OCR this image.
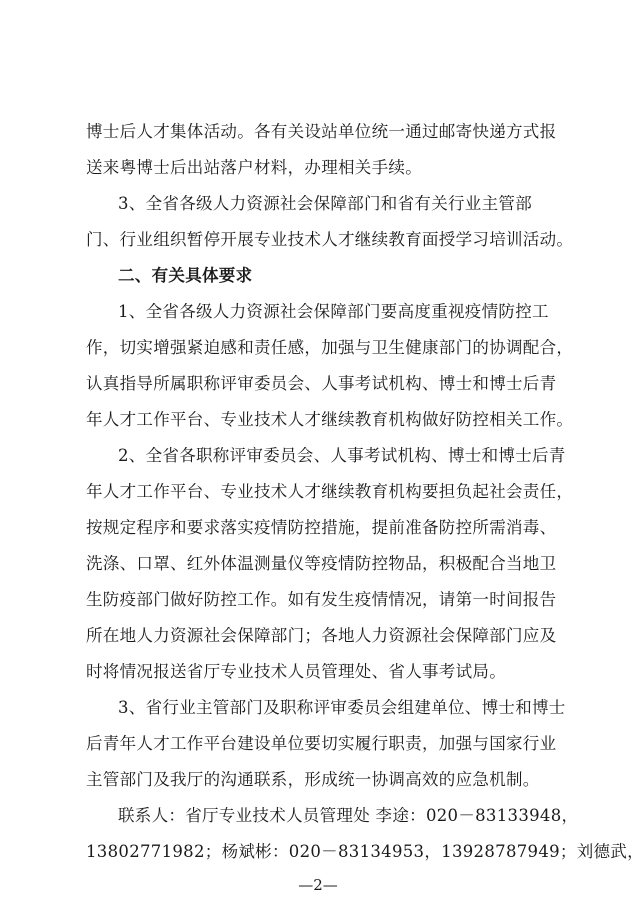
博士后人才集体活动。各有关设站单位统一通过邮寄快递方式报
送来粤博士后出站落户材料，办理相关手续。
3、全省各级人力资源社会保障部门和省有关行业主管部
门、行业组织暂停开展专业技术人才继续教育面授学习培训活动。
二、有关具体要求
1、全省各级人力资源社会保障部门要高度重视疫情防控工
作，切实增强紧迫感和责任感，加强与卫生健康部门的协调配合，
认真指导所属职称评审委员会、人事考试机构、博士和博士后青
年人才工作平台、专业技术人才继续教育机构做好防控相关工作。
2、全省各职称评审委员会、人事考试机构、博士和博士后青
年人才工作平台、专业技术人才继续教育机构要担负起社会责任，
按规定程序和要求落实疫情防控措施，提前准备防控所需消毒、
洗涤、口罩、红外体温测量仪等疫情防控物品，积极配合当地卫
生防疫部门做好防控工作。如有发生疫情情况，请第一时间报告
所在地人力资源社会保障部门；各地人力资源社会保障部门应及
时将情况报送省厅专业技术人员管理处、省人事考试局。
3、省行业主管部门及职称评审委员会组建单位、博士和博士
后青年人才工作平台建设单位要切实履行职责，加强与国家行业
主管部门及我厅的沟通联系，形成统一协调高效的应急机制。
联系人：省厅专业技术人员管理处 李途：020－83133948，
13802771982；杨斌彬：020－83134953，13928787949；刘德武，
—2—
